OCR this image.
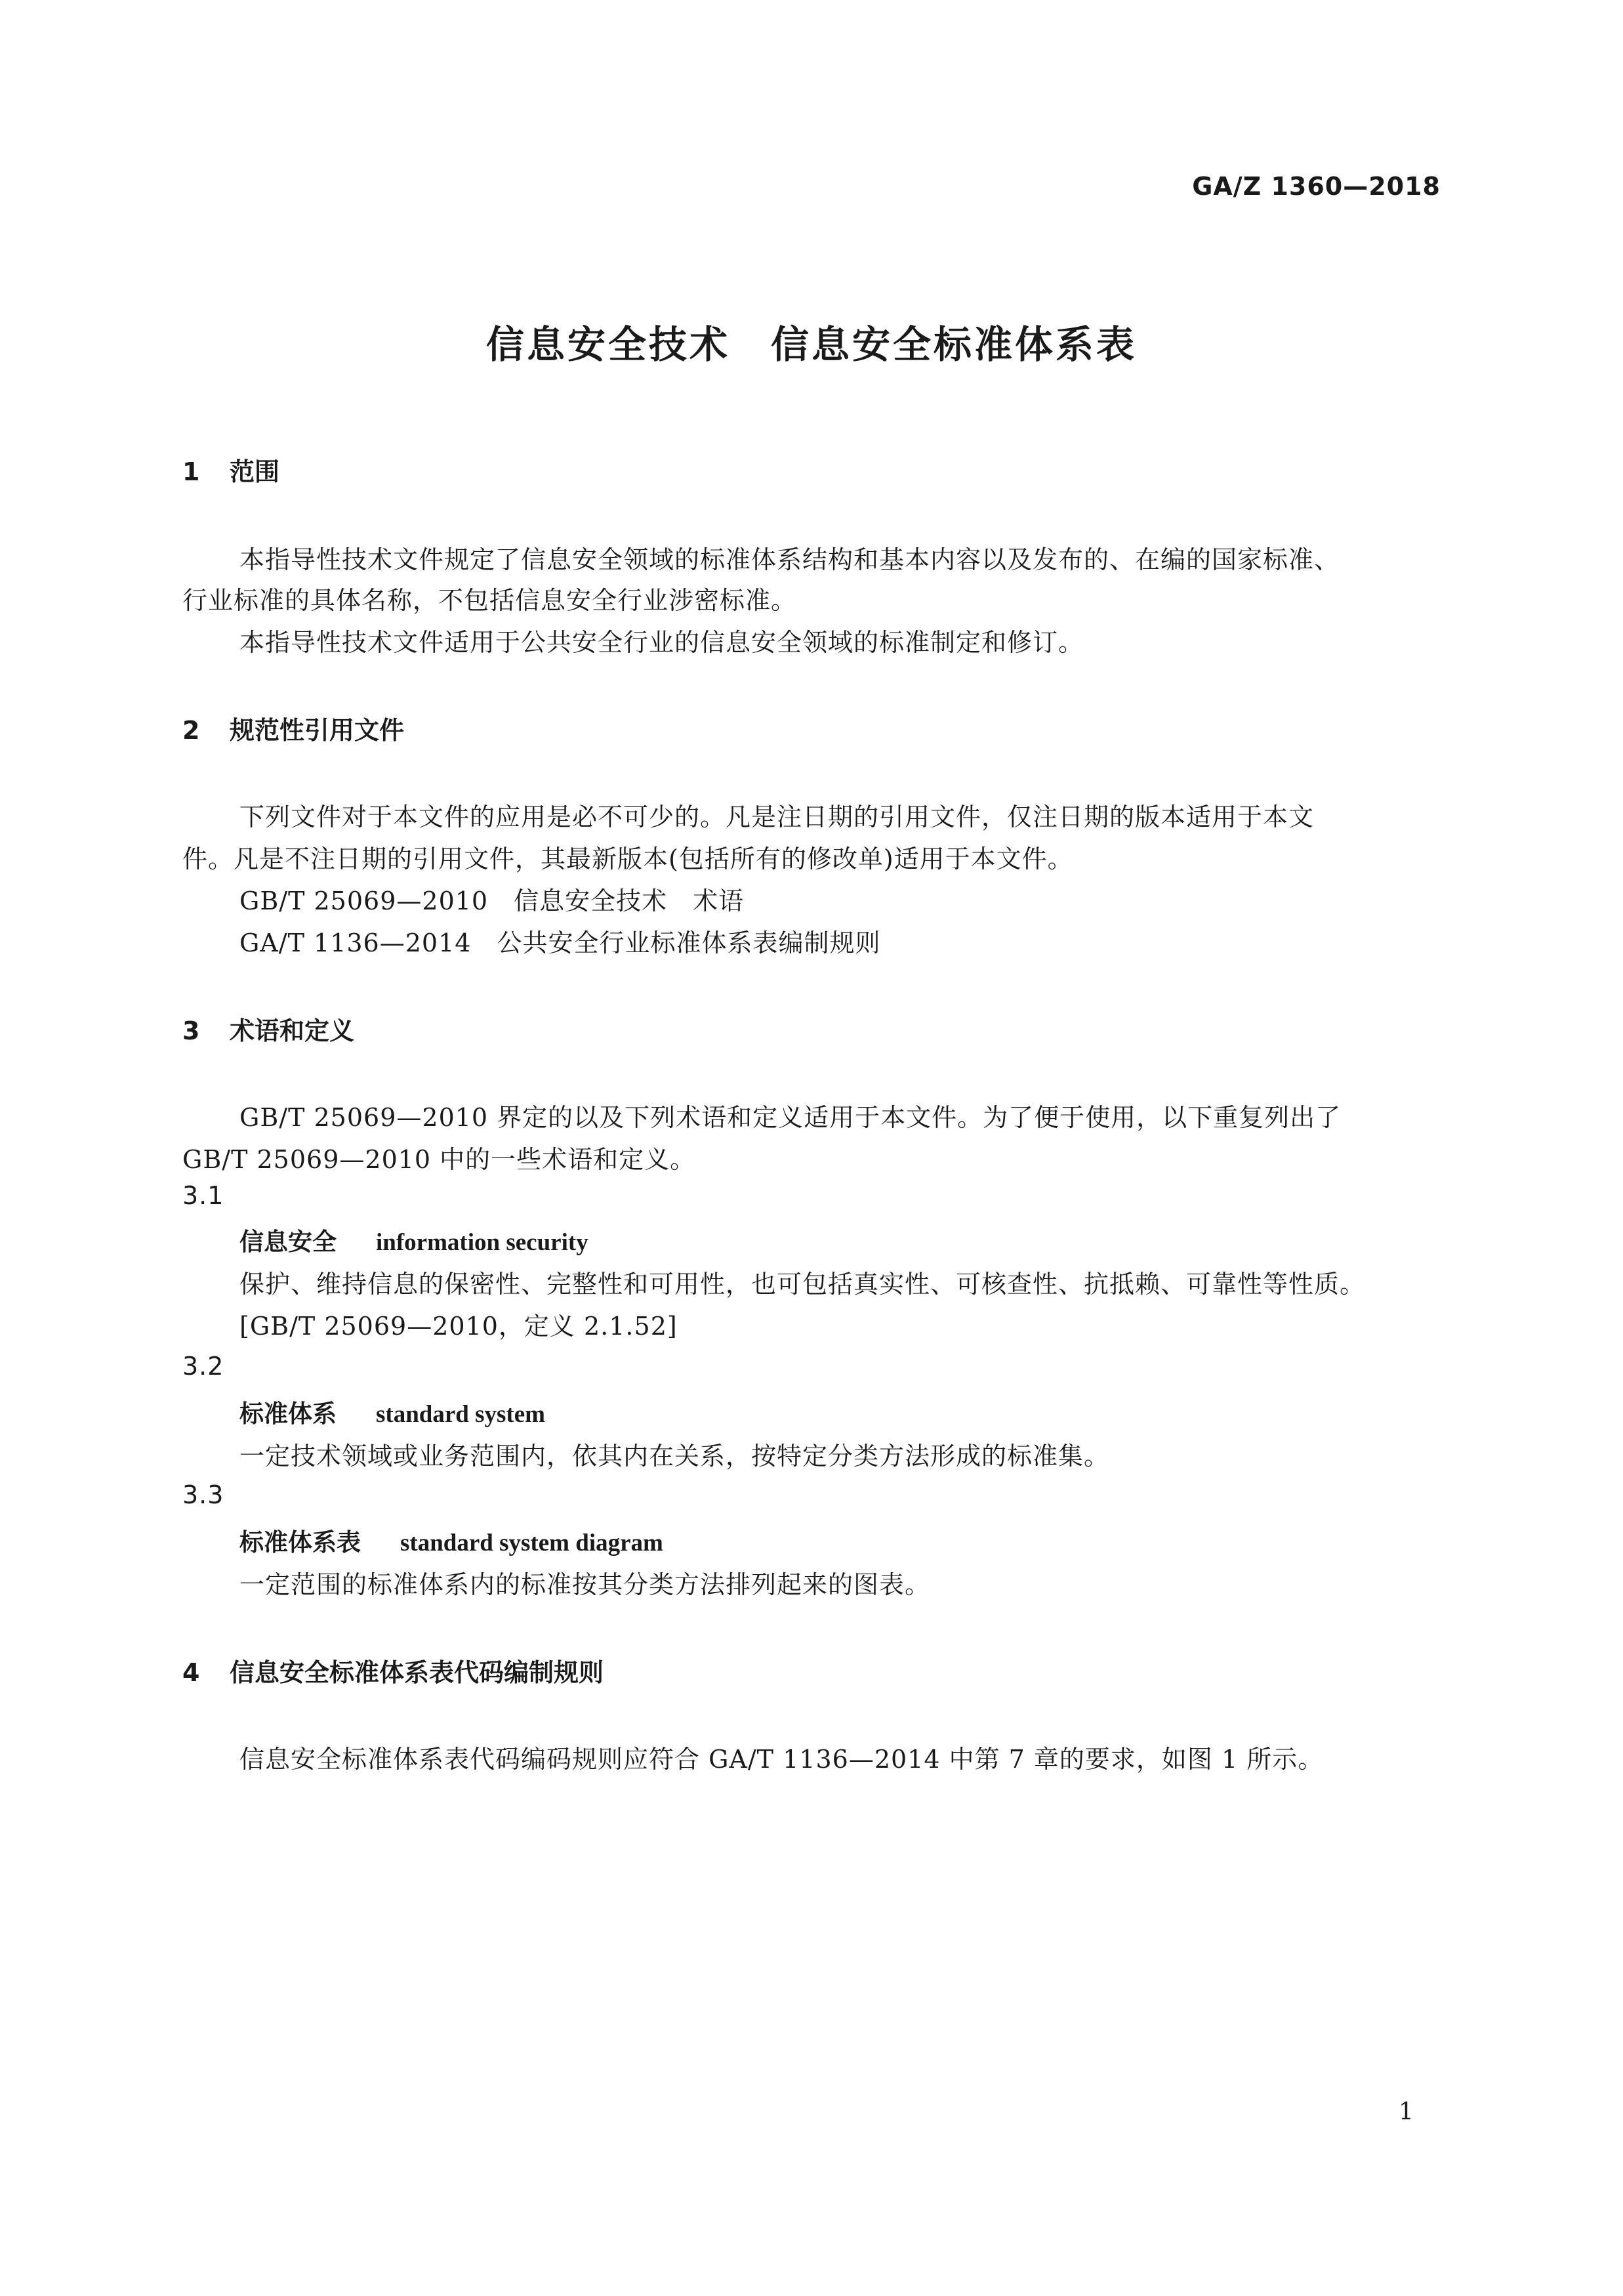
GA/Z 1360—2018
信息安全技术　信息安全标准体系表
1 范围
本指导性技术文件规定了信息安全领域的标准体系结构和基本内容以及发布的、在编的国家标准、
行业标准的具体名称，不包括信息安全行业涉密标准。
本指导性技术文件适用于公共安全行业的信息安全领域的标准制定和修订。
2 规范性引用文件
下列文件对于本文件的应用是必不可少的。凡是注日期的引用文件，仅注日期的版本适用于本文
件。凡是不注日期的引用文件，其最新版本(包括所有的修改单)适用于本文件。
GB/T 25069—2010　信息安全技术　术语
GA/T 1136—2014　公共安全行业标准体系表编制规则
3 术语和定义
GB/T 25069—2010 界定的以及下列术语和定义适用于本文件。为了便于使用，以下重复列出了
GB/T 25069—2010 中的一些术语和定义。
3.1
信息安全 information security
保护、维持信息的保密性、完整性和可用性，也可包括真实性、可核查性、抗抵赖、可靠性等性质。
[GB/T 25069—2010，定义 2.1.52]
3.2
标准体系 standard system
一定技术领域或业务范围内，依其内在关系，按特定分类方法形成的标准集。
3.3
标准体系表 standard system diagram
一定范围的标准体系内的标准按其分类方法排列起来的图表。
4 信息安全标准体系表代码编制规则
信息安全标准体系表代码编码规则应符合 GA/T 1136—2014 中第 7 章的要求，如图 1 所示。
1
